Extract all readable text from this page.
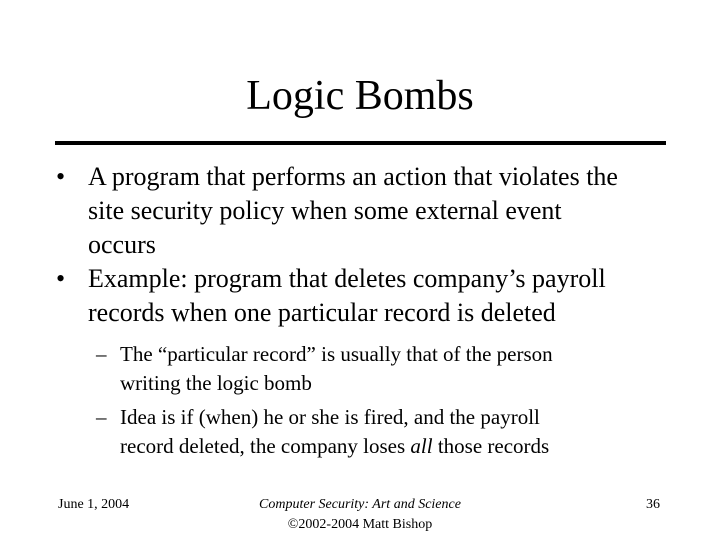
Logic Bombs
• A program that performs an action that violates the
site security policy when some external event
occurs
• Example: program that deletes company’s payroll
records when one particular record is deleted
– The “particular record” is usually that of the person
writing the logic bomb
– Idea is if (when) he or she is fired, and the payroll
record deleted, the company loses all those records
June 1, 2004	Computer Security: Art and Science
©2002-2004 Matt Bishop
36
